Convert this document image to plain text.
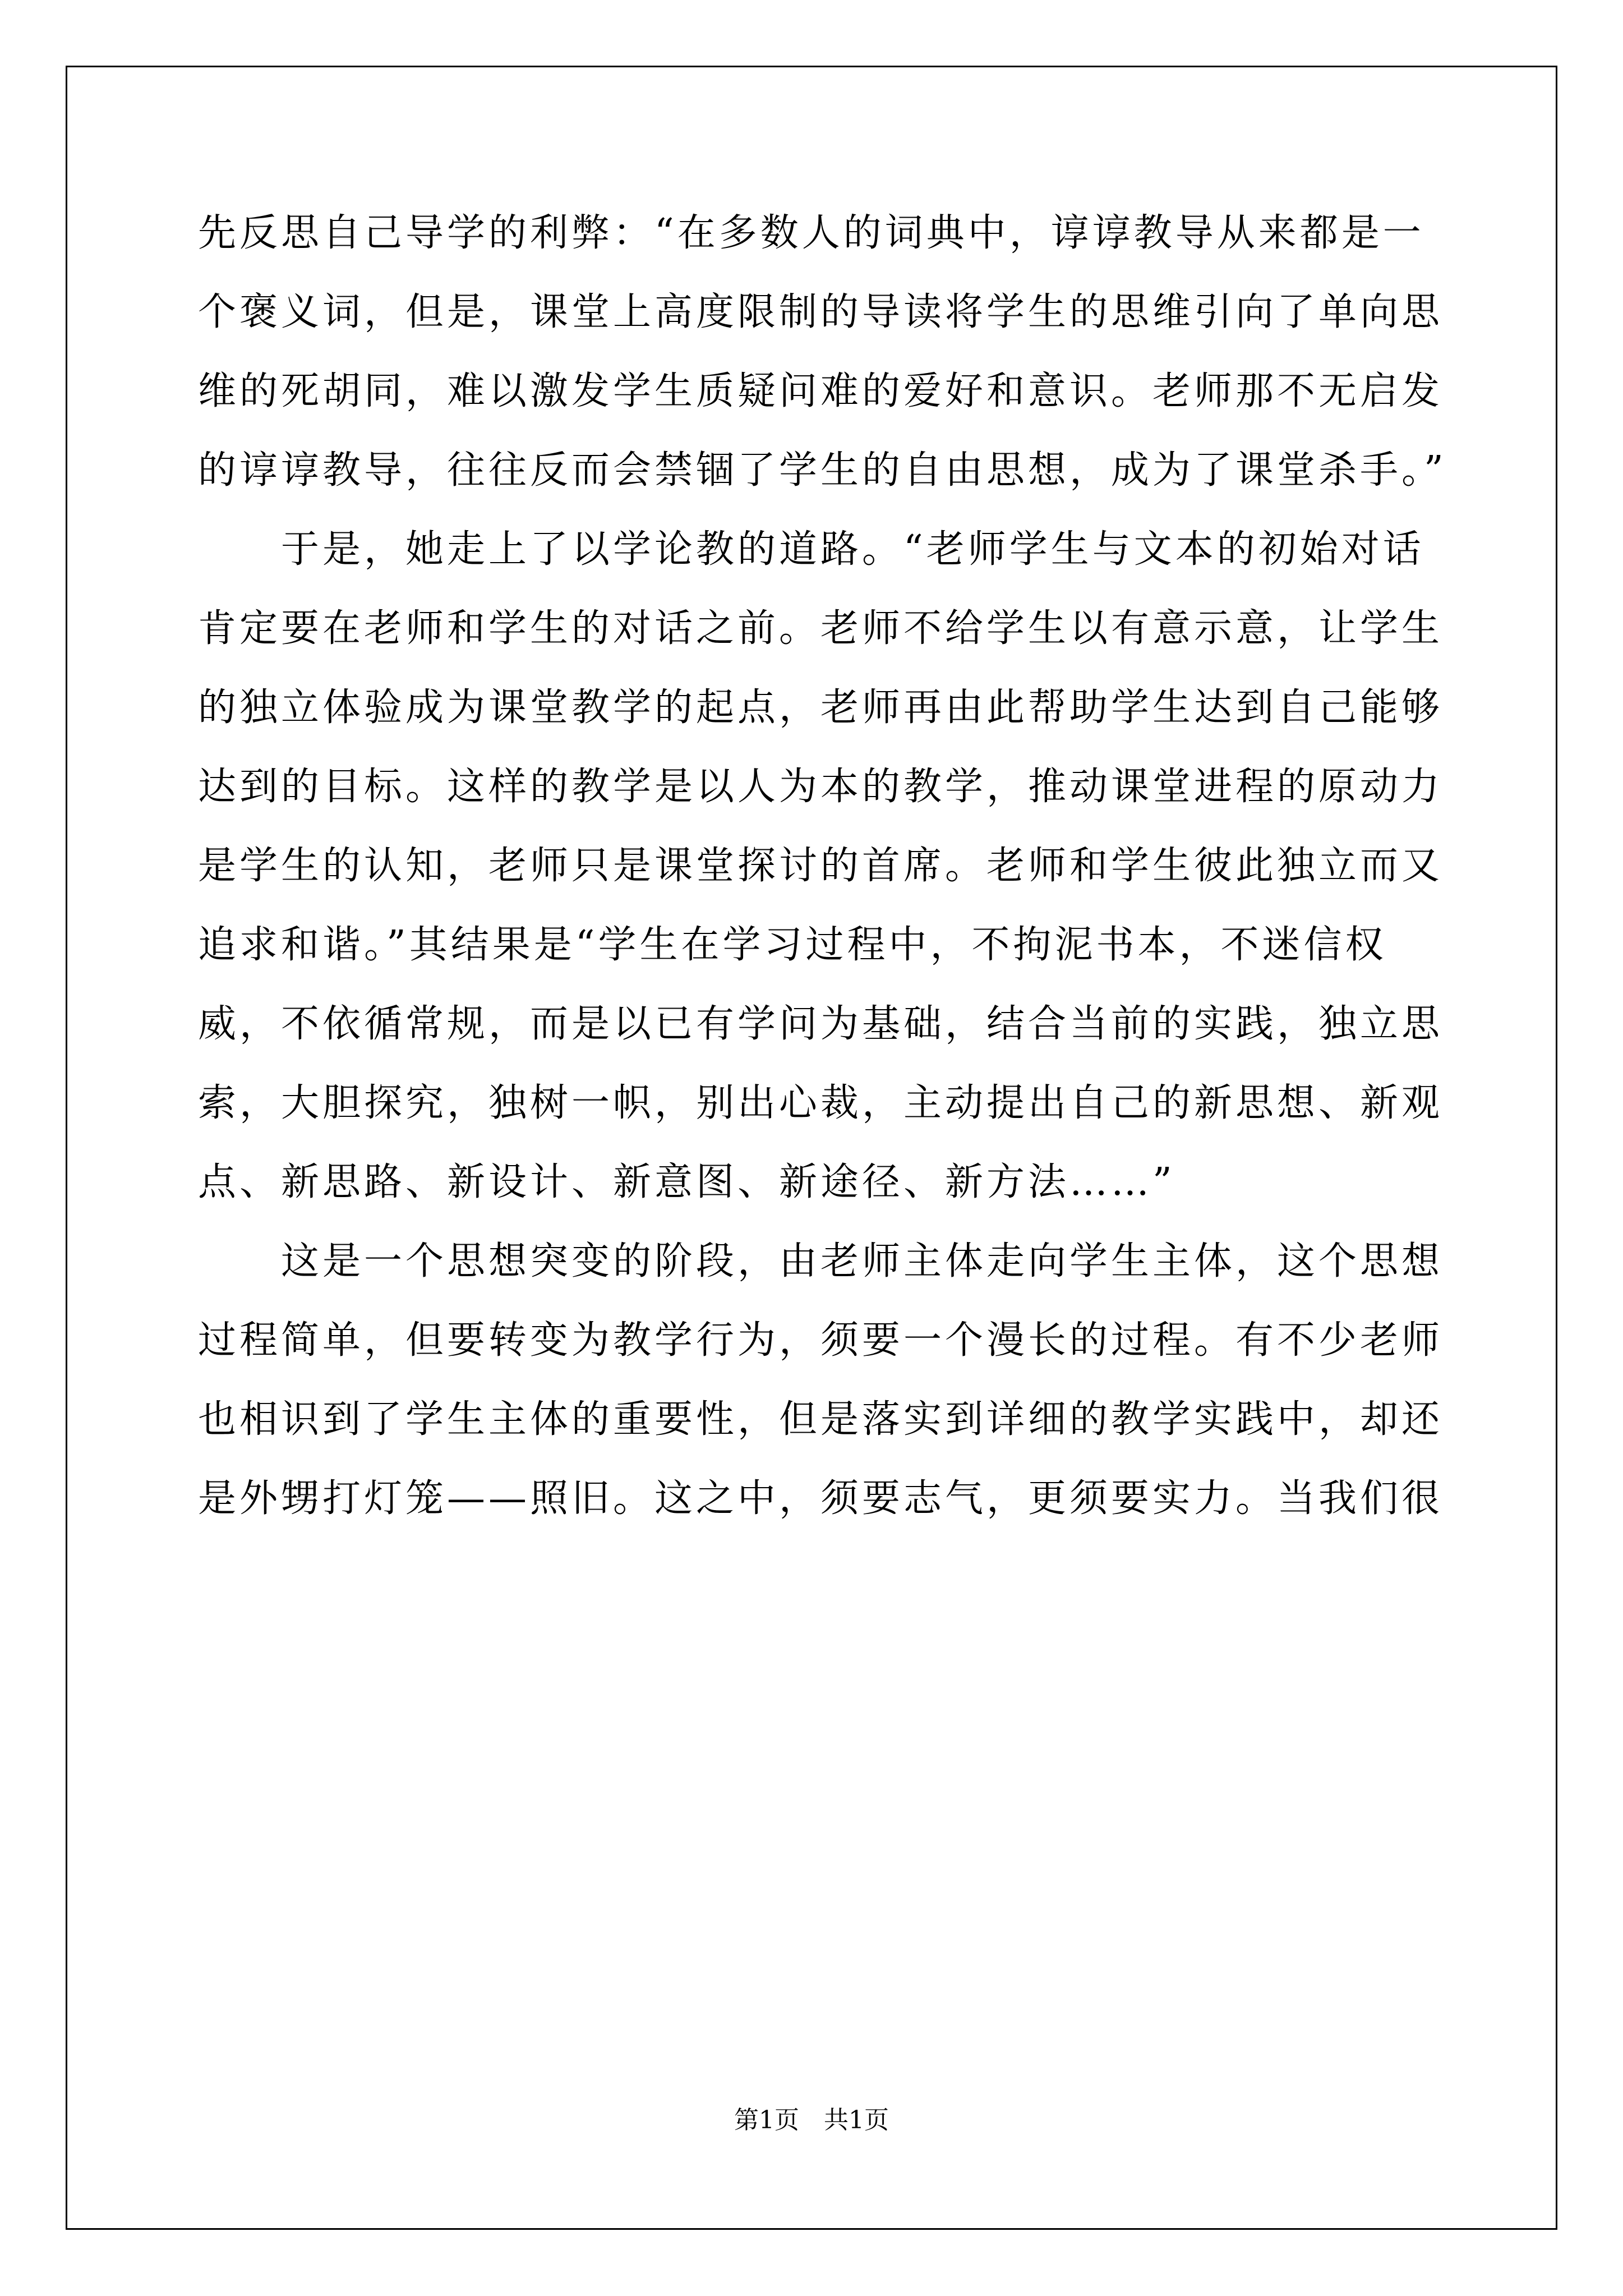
先反思自己导学的利弊：“在多数人的词典中，谆谆教导从来都是一
个褒义词，但是，课堂上高度限制的导读将学生的思维引向了单向思
维的死胡同，难以激发学生质疑问难的爱好和意识。老师那不无启发
的谆谆教导，往往反而会禁锢了学生的自由思想，成为了课堂杀手。”
　　于是，她走上了以学论教的道路。“老师学生与文本的初始对话
肯定要在老师和学生的对话之前。老师不给学生以有意示意，让学生
的独立体验成为课堂教学的起点，老师再由此帮助学生达到自己能够
达到的目标。这样的教学是以人为本的教学，推动课堂进程的原动力
是学生的认知，老师只是课堂探讨的首席。老师和学生彼此独立而又
追求和谐。”其结果是“学生在学习过程中，不拘泥书本，不迷信权
威，不依循常规，而是以已有学问为基础，结合当前的实践，独立思
索，大胆探究，独树一帜，别出心裁，主动提出自己的新思想、新观
点、新思路、新设计、新意图、新途径、新方法……”
　　这是一个思想突变的阶段，由老师主体走向学生主体，这个思想
过程简单，但要转变为教学行为，须要一个漫长的过程。有不少老师
也相识到了学生主体的重要性，但是落实到详细的教学实践中，却还
是外甥打灯笼——照旧。这之中，须要志气，更须要实力。当我们很
第1页　共1页
